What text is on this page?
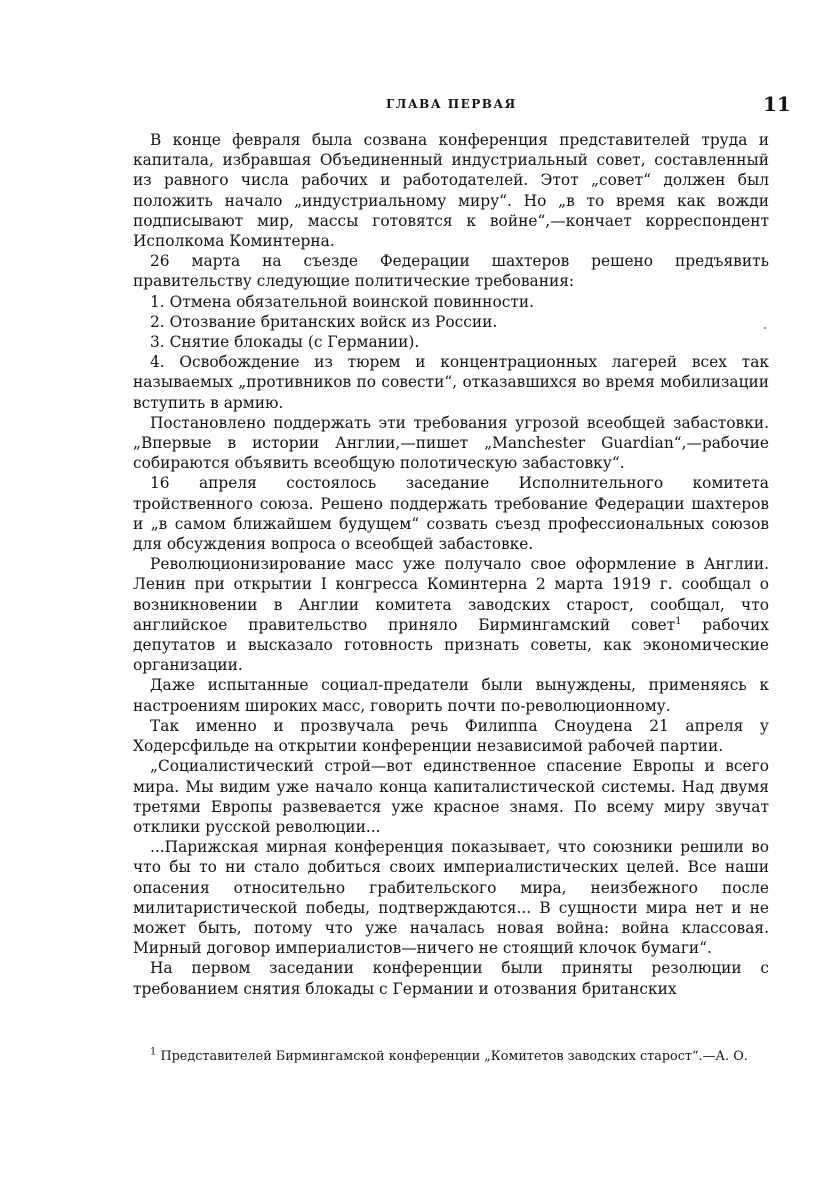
ГЛАВА ПЕРВАЯ	11

В конце февраля была созвана конференция представителей труда и капитала, избравшая Объединенный индустриальный совет, составленный из равного числа рабочих и работодателей. Этот „совет“ должен был положить начало „индустриальному миру“. Но „в то время как вожди подписывают мир, массы готовятся к войне“,—кончает корреспондент Исполкома Коминтерна.

26 марта на съезде Федерации шахтеров решено предъявить правительству следующие политические требования:

1. Отмена обязательной воинской повинности.

2. Отозвание британских войск из России.

3. Снятие блокады (с Германии).

4. Освобождение из тюрем и концентрационных лагерей всех так называемых „противников по совести“, отказавшихся во время мобилизации вступить в армию.

Постановлено поддержать эти требования угрозой всеобщей забастовки. „Впервые в истории Англии,—пишет „Manchester Guardian“,—рабочие собираются объявить всеобщую полотическую забастовку“.

16 апреля состоялось заседание Исполнительного комитета тройственного союза. Решено поддержать требование Федерации шахтеров и „в самом ближайшем будущем“ созвать съезд профессиональных союзов для обсуждения вопроса о всеобщей забастовке.

Революционизирование масс уже получало свое оформление в Англии. Ленин при открытии I конгресса Коминтерна 2 марта 1919 г. сообщал о возникновении в Англии комитета заводских старост, сообщал, что английское правительство приняло Бирмингамский совет$^1$ рабочих депутатов и высказало готовность признать советы, как экономические организации.

Даже испытанные социал-предатели были вынуждены, применяясь к настроениям широких масс, говорить почти по-революционному.

Так именно и прозвучала речь Филиппа Сноудена 21 апреля у Ходерсфильде на открытии конференции независимой рабочей партии.

„Социалистический строй—вот единственное спасение Европы и всего мира. Мы видим уже начало конца капиталистической системы. Над двумя третями Европы развевается уже красное знамя. По всему миру звучат отклики русской революции...

...Парижская мирная конференция показывает, что союзники решили во что бы то ни стало добиться своих империалистических целей. Все наши опасения относительно грабительского мира, неизбежного после милитаристической победы, подтверждаются... В сущности мира нет и не может быть, потому что уже началась новая война: война классовая. Мирный договор империалистов—ничего не стоящий клочок бумаги“.

На первом заседании конференции были приняты резолюции с требованием снятия блокады с Германии и отозвания британских

$^1$ Представителей Бирмингамской конференции „Комитетов заводских старост“.—А. О.
